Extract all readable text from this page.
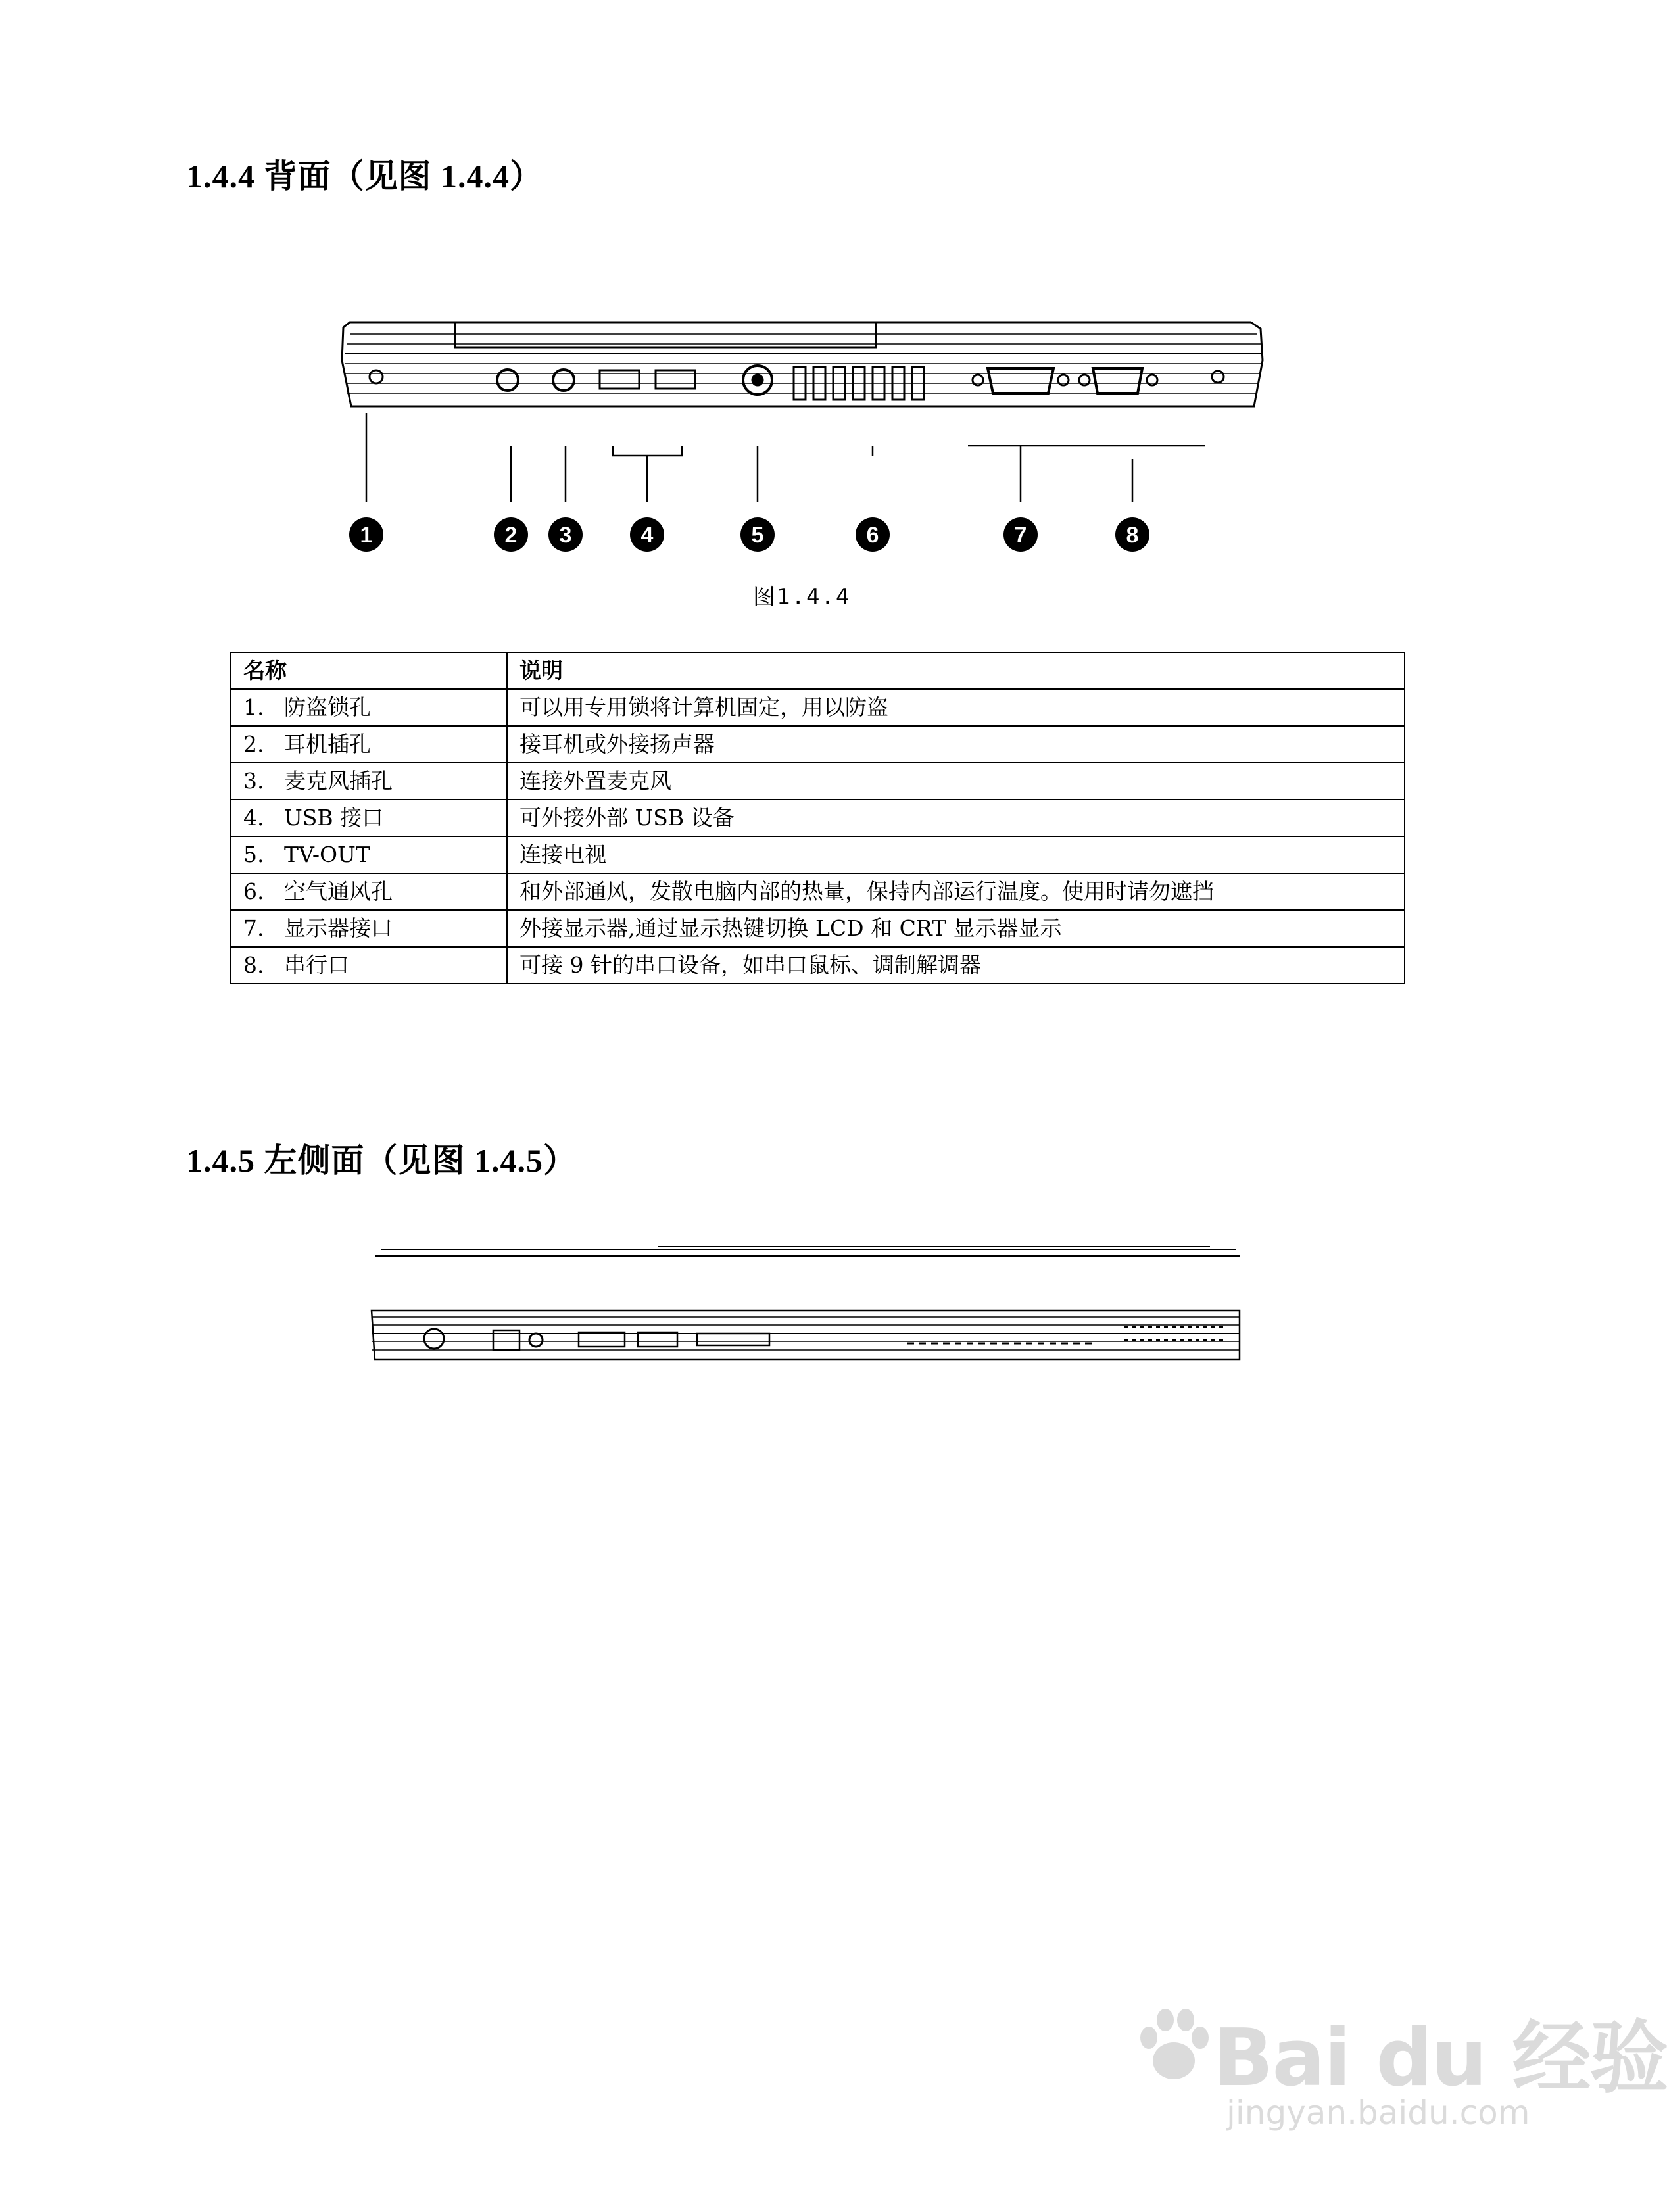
1.4.4 背面（见图 1.4.4）
1	2 3	4	5	6	7	8
图1.4.4
名称	说明
1. 防盗锁孔	可以用专用锁将计算机固定，用以防盗
2. 耳机插孔	接耳机或外接扬声器
3. 麦克风插孔	连接外置麦克风
4. USB 接口	可外接外部 USB 设备
5. TV-OUT	连接电视
6. 空气通风孔	和外部通风，发散电脑内部的热量，保持内部运行温度。使用时请勿遮挡
7. 显示器接口	外接显示器,通过显示热键切换 LCD 和 CRT 显示器显示
8. 串行口	可接 9 针的串口设备，如串口鼠标、调制解调器
1.4.5 左侧面（见图 1.4.5）
Bai du 经验
jingyan.baidu.com
